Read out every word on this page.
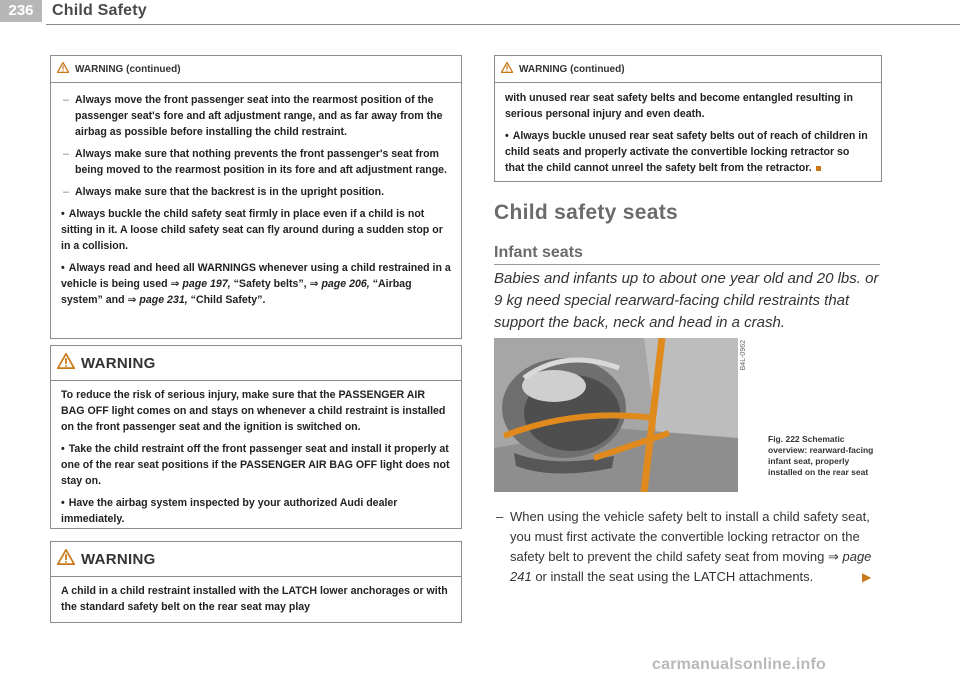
236	Child Safety
WARNING (continued)

– Always move the front passenger seat into the rearmost position of the passenger seat's fore and aft adjustment range, and as far away from the airbag as possible before installing the child restraint.

– Always make sure that nothing prevents the front passenger's seat from being moved to the rearmost position in its fore and aft adjustment range.

– Always make sure that the backrest is in the upright position.

• Always buckle the child safety seat firmly in place even if a child is not sitting in it. A loose child safety seat can fly around during a sudden stop or in a collision.

• Always read and heed all WARNINGS whenever using a child restrained in a vehicle is being used ⇒ page 197, “Safety belts”, ⇒ page 206, “Airbag system” and ⇒ page 231, “Child Safety”.

WARNING

To reduce the risk of serious injury, make sure that the PASSENGER AIR BAG OFF light comes on and stays on whenever a child restraint is installed on the front passenger seat and the ignition is switched on.

• Take the child restraint off the front passenger seat and install it properly at one of the rear seat positions if the PASSENGER AIR BAG OFF light does not stay on.

• Have the airbag system inspected by your authorized Audi dealer immediately.

WARNING

A child in a child restraint installed with the LATCH lower anchorages or with the standard safety belt on the rear seat may play

WARNING (continued)

with unused rear seat safety belts and become entangled resulting in serious personal injury and even death.

• Always buckle unused rear seat safety belts out of reach of children in child seats and properly activate the convertible locking retractor so that the child cannot unreel the safety belt from the retractor.

Child safety seats
Infant seats
Babies and infants up to about one year old and 20 lbs. or 9 kg need special rearward-facing child restraints that support the back, neck and head in a crash.
B4L-0962
Fig. 222 Schematic overview: rearward-facing infant seat, properly installed on the rear seat
– When using the vehicle safety belt to install a child safety seat, you must first activate the convertible locking retractor on the safety belt to prevent the child safety seat from moving ⇒ page 241 or install the seat using the LATCH attachments.	▶
carmanualsonline.info
